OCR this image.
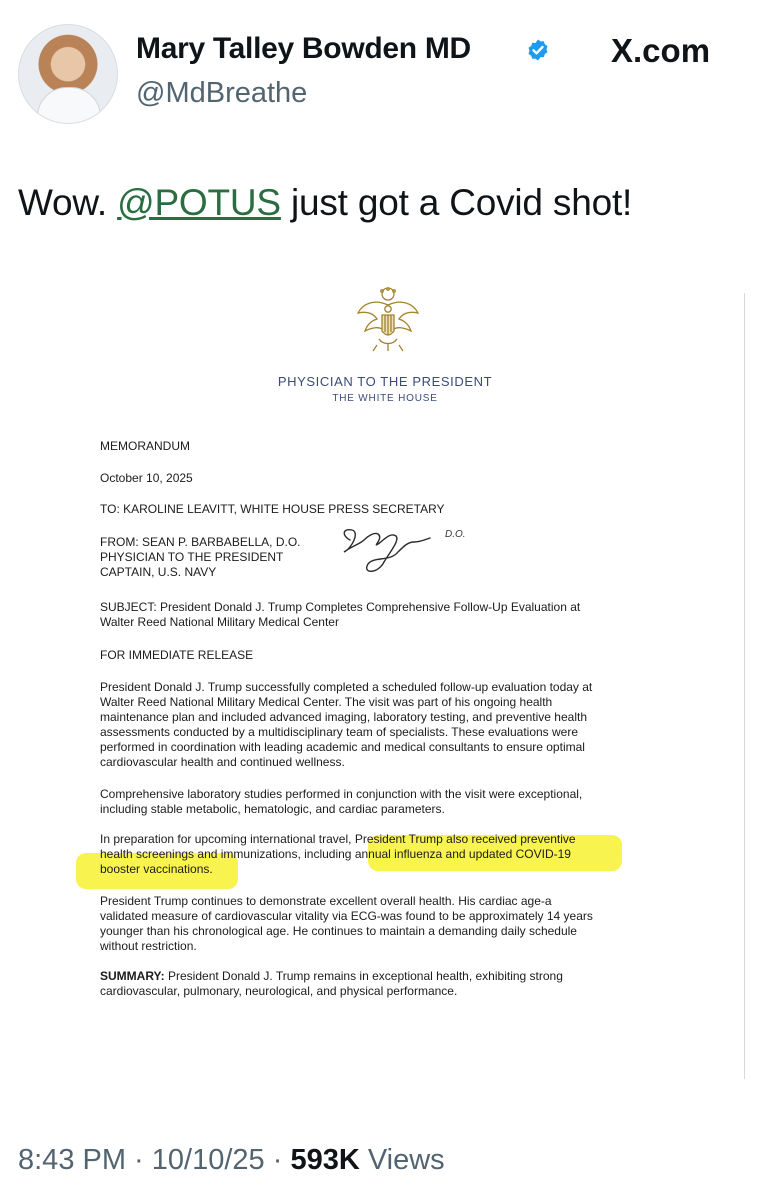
Mary Talley Bowden MD
@MdBreathe
X.com
Wow. @POTUS just got a Covid shot!
PHYSICIAN TO THE PRESIDENT
THE WHITE HOUSE
MEMORANDUM
October 10, 2025
TO: KAROLINE LEAVITT, WHITE HOUSE PRESS SECRETARY

FROM: SEAN P. BARBABELLA, D.O.

PHYSICIAN TO THE PRESIDENT

CAPTAIN, U.S. NAVY

D.O.

SUBJECT: President Donald J. Trump Completes Comprehensive Follow-Up Evaluation at

Walter Reed National Military Medical Center

FOR IMMEDIATE RELEASE

President Donald J. Trump successfully completed a scheduled follow-up evaluation today at

Walter Reed National Military Medical Center. The visit was part of his ongoing health

maintenance plan and included advanced imaging, laboratory testing, and preventive health

assessments conducted by a multidisciplinary team of specialists. These evaluations were

performed in coordination with leading academic and medical consultants to ensure optimal

cardiovascular health and continued wellness.

Comprehensive laboratory studies performed in conjunction with the visit were exceptional,

including stable metabolic, hematologic, and cardiac parameters.

In preparation for upcoming international travel, President Trump also received preventive

health screenings and immunizations, including annual influenza and updated COVID-19

booster vaccinations.

President Trump continues to demonstrate excellent overall health. His cardiac age-a

validated measure of cardiovascular vitality via ECG-was found to be approximately 14 years

younger than his chronological age. He continues to maintain a demanding daily schedule

without restriction.

SUMMARY: President Donald J. Trump remains in exceptional health, exhibiting strong

cardiovascular, pulmonary, neurological, and physical performance.

8:43 PM · 10/10/25 · 593K Views
